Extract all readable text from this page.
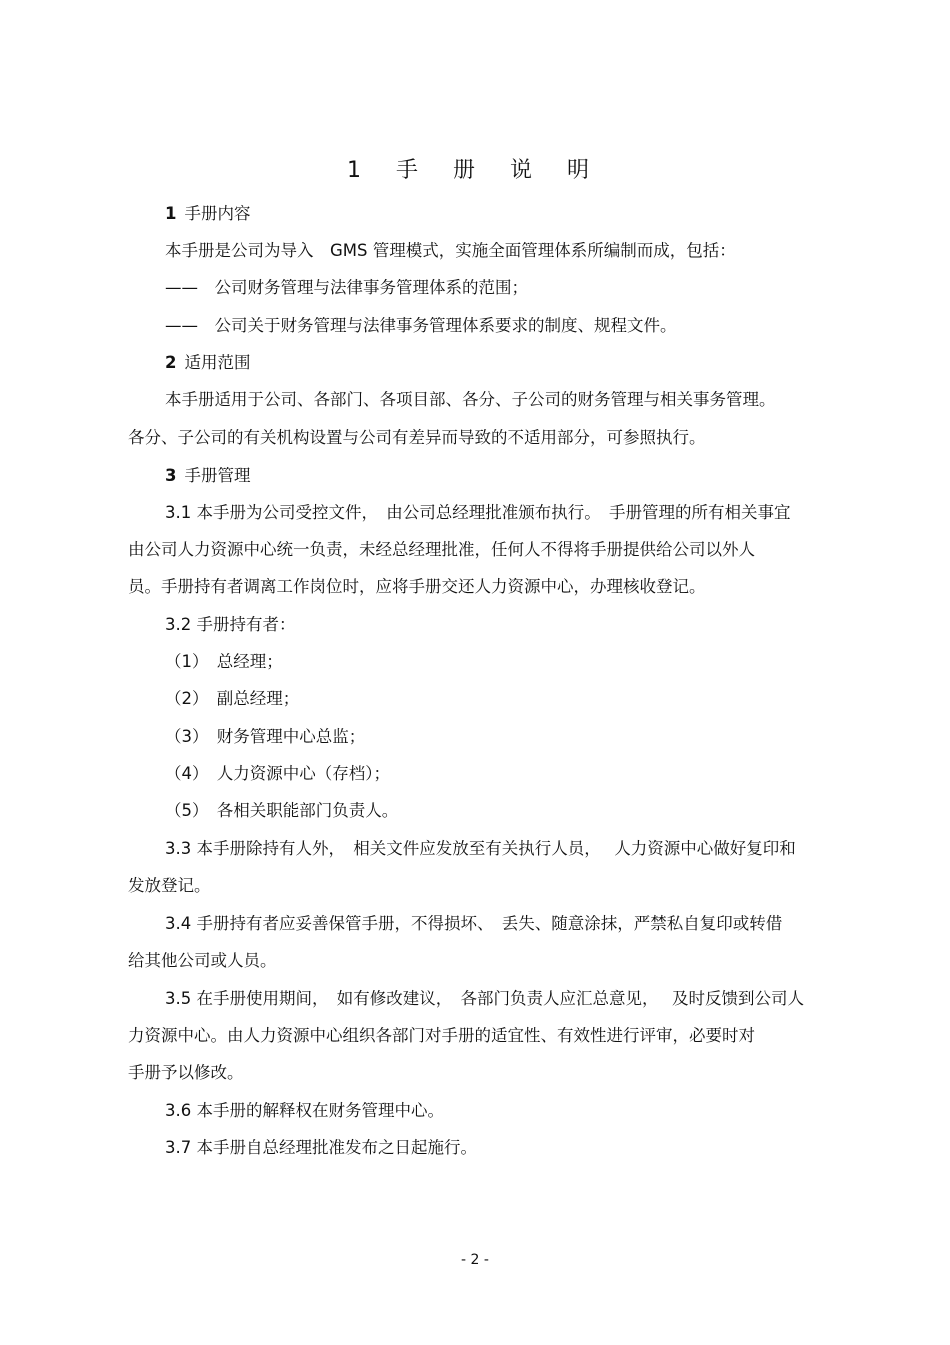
1 手 册 说 明
1 手册内容
本手册是公司为导入　GMS 管理模式，实施全面管理体系所编制而成，包括：
——　公司财务管理与法律事务管理体系的范围；
——　公司关于财务管理与法律事务管理体系要求的制度、规程文件。
2 适用范围
本手册适用于公司、各部门、各项目部、各分、子公司的财务管理与相关事务管理。
各分、子公司的有关机构设置与公司有差异而导致的不适用部分，可参照执行。
3 手册管理
3.1 本手册为公司受控文件，　由公司总经理批准颁布执行。　手册管理的所有相关事宜
由公司人力资源中心统一负责，未经总经理批准，任何人不得将手册提供给公司以外人
员。手册持有者调离工作岗位时，应将手册交还人力资源中心，办理核收登记。
3.2 手册持有者：
（1）　总经理；
（2）　副总经理；
（3）　财务管理中心总监；
（4）　人力资源中心（存档）；
（5）　各相关职能部门负责人。
3.3 本手册除持有人外，　相关文件应发放至有关执行人员，　 人力资源中心做好复印和
发放登记。
3.4 手册持有者应妥善保管手册，不得损坏、　丢失、随意涂抹，严禁私自复印或转借
给其他公司或人员。
3.5 在手册使用期间，　如有修改建议，　各部门负责人应汇总意见，　 及时反馈到公司人
力资源中心。由人力资源中心组织各部门对手册的适宜性、有效性进行评审，必要时对
手册予以修改。
3.6 本手册的解释权在财务管理中心。
3.7 本手册自总经理批准发布之日起施行。
- 2 -
